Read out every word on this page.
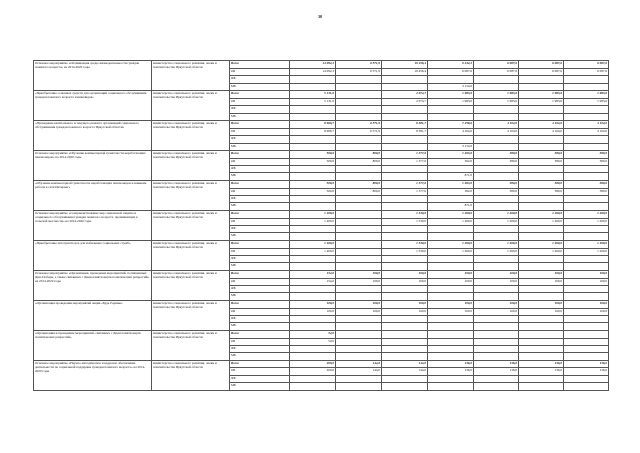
30
Основное мероприятие «Оптимизация среды жизнедеятельности граждан пожилого возраста» на 2014-2020 годы	министерство социального развития, опеки и попечительства Иркутской области	Всего	14 092,3	6 571,9	10 456,4	9 242,2	6 087,6	6 087,6	6 087,6
		ОБ	14 092,3	6 571,9	10 456,4	6 087,6	6 087,6	6 087,6	6 087,6
		ФБ							
		МБ				3 154,6			
«Приобретение основных средств для организаций социального обслуживания граждан пожилого возраста и инвалидов»	министерство социального развития, опеки и попечительства Иркутской области	Всего	5 131,6		2 074,7	1 983,6	1 983,6	1 983,6	1 983,6
		ОБ	5 131,6		2 074,7	1 983,6	1 983,6	1 983,6	1 983,6
		ФБ							
		МБ							
«Проведение капитального и текущего ремонта организаций социального обслуживания граждан пожилого возраста Иркутской области»	министерство социального развития, опеки и попечительства Иркутской области	Всего	8 960,7	6 571,9	8 381,7	7 258,6	4 104,0	4 104,0	4 104,0
		ОБ	8 960,7	6 571,9	8 381,7	4 104,0	4 104,0	4 104,0	4 104,0
		ФБ							
		МБ				3 154,6			
Основное мероприятие «Обучение компьютерной грамотности неработающих пенсионеров» на 2014-2020 годы	министерство социального развития, опеки и попечительства Иркутской области	Всего	500,0	800,0	1 377,6	1 263,0	380,0	380,0	380,0
		ОБ	500,0	800,0	1 377,6	392,0	380,0	380,0	380,0
		ФБ							
		МБ				871,0			
«Обучение компьютерной грамотности неработающих пенсионеров и навыкам работы в сети Интернет»	министерство социального развития, опеки и попечительства Иркутской области	Всего	500,0	800,0	1 377,6	1 263,0	380,0	380,0	380,0
		ОБ	500,0	800,0	1 377,6	392,0	380,0	380,0	380,0
		ФБ							
		МБ				871,0			
Основное мероприятие «Совершенствование мер социальной защиты и социального обслуживания граждан пожилого возраста, проживающих в сельской местности» на 2014-2020 годы	министерство социального развития, опеки и попечительства Иркутской области	Всего	1 400,0		1 330,0	1 260,0	1 260,0	1 260,0	1 260,0
		ОБ	1 400,0		1 330,0	1 260,0	1 260,0	1 260,0	1 260,0
		ФБ							
		МБ							
«Приобретение автотранспорта для мобильных социальных служб»	министерство социального развития, опеки и попечительства Иркутской области	Всего	1 400,0		1 330,0	1 260,0	1 260,0	1 260,0	1 260,0
		ОБ	1 400,0		1 330,0	1 260,0	1 260,0	1 260,0	1 260,0
		ФБ							
		МБ							
Основное мероприятие «Организация, проведение мероприятий, посвященных Дню Победы, а также связанных с Днем памяти жертв политических репрессий» на 2014-2020 годы	министерство социального развития, опеки и попечительства Иркутской области	Всего	154,0	100,0	100,0	100,0	100,0	100,0	100,0
		ОБ	154,0	100,0	100,0	100,0	100,0	100,0	100,0
		ФБ							
		МБ							
«Организация проведения мероприятий акции «Будь Родины»	министерство социального развития, опеки и попечительства Иркутской области	Всего	100,0	100,0	100,0	100,0	100,0	100,0	100,0
		ОБ	100,0	100,0	100,0	100,0	100,0	100,0	100,0
		ФБ							
		МБ							
«Организация и проведение мероприятий, связанных с Днем памяти жертв политических репрессий»	министерство социального развития, опеки и попечительства Иркутской области	Всего	54,0						
		ОБ	54,0						
		ФБ							
		МБ							
Основное мероприятие «Научно-методическое и кадровое обеспечение деятельности по социальной поддержке граждан пожилого возраста» на 2014-2020 годы	министерство социального развития, опеки и попечительства Иркутской области	Всего	200,0	144,0	144,0	136,0	136,0	136,0	136,0
		ОБ	200,0	144,0	144,0	136,0	136,0	136,0	136,0
		ФБ							
		МБ							
